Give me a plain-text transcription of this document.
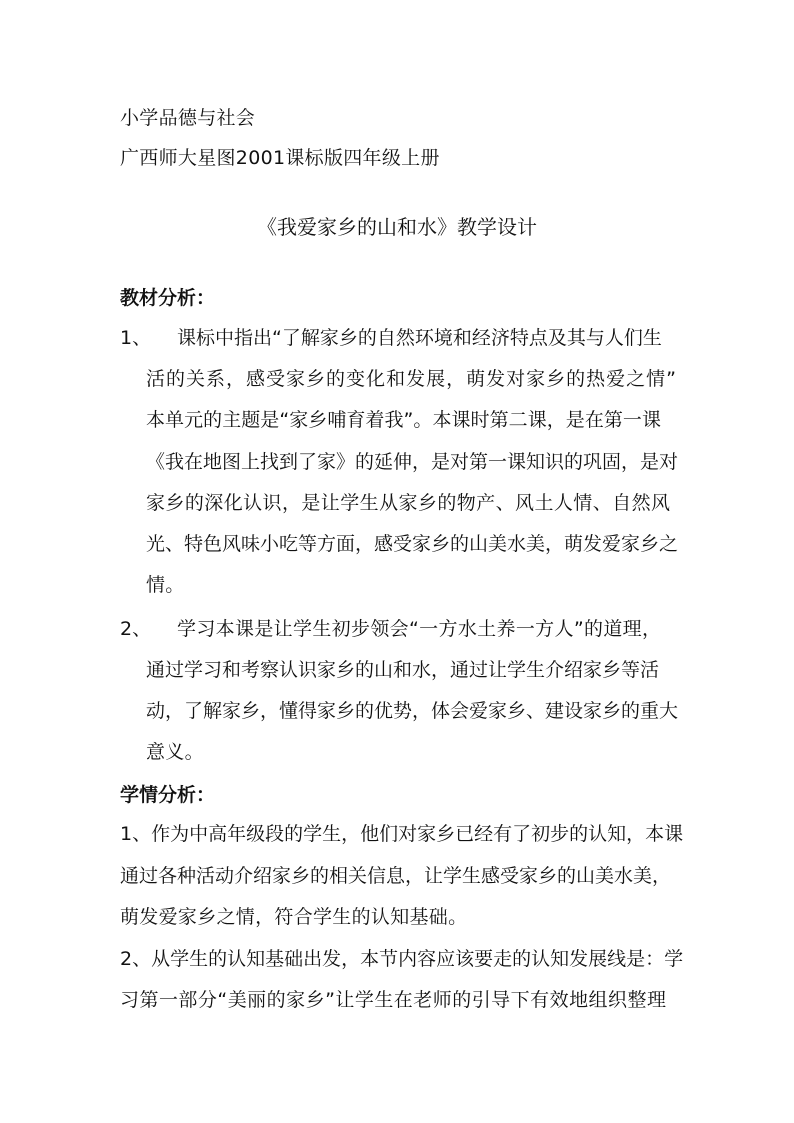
小学品德与社会
广西师大星图2001课标版四年级上册
《我爱家乡的山和水》教学设计
教材分析：
1、 课标中指出“了解家乡的自然环境和经济特点及其与人们生
活的关系，感受家乡的变化和发展，萌发对家乡的热爱之情”
本单元的主题是“家乡哺育着我”。本课时第二课，是在第一课
《我在地图上找到了家》的延伸，是对第一课知识的巩固，是对
家乡的深化认识，是让学生从家乡的物产、风土人情、自然风
光、特色风味小吃等方面，感受家乡的山美水美，萌发爱家乡之
情。
2、 学习本课是让学生初步领会“一方水土养一方人”的道理，
通过学习和考察认识家乡的山和水，通过让学生介绍家乡等活
动，了解家乡，懂得家乡的优势，体会爱家乡、建设家乡的重大
意义。
学情分析：
1、作为中高年级段的学生，他们对家乡已经有了初步的认知，本课
通过各种活动介绍家乡的相关信息，让学生感受家乡的山美水美，
萌发爱家乡之情，符合学生的认知基础。
2、从学生的认知基础出发，本节内容应该要走的认知发展线是：学
习第一部分“美丽的家乡”让学生在老师的引导下有效地组织整理
